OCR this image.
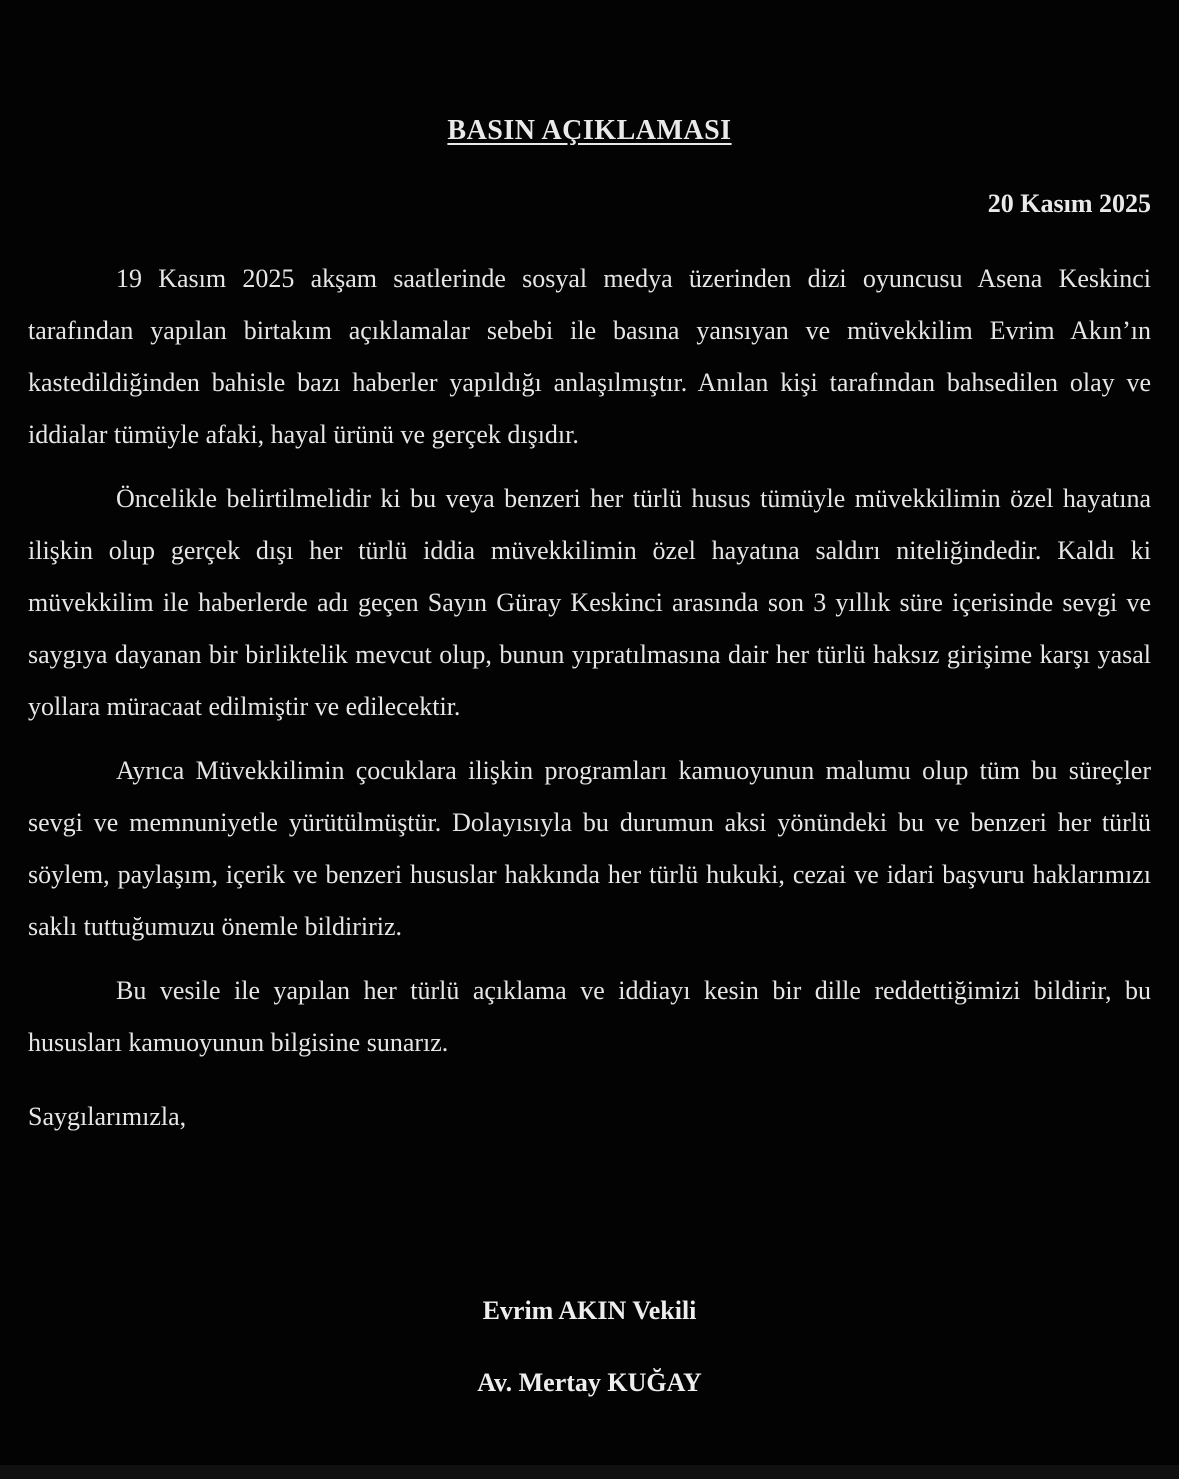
BASIN AÇIKLAMASI

20 Kasım 2025

19 Kasım 2025 akşam saatlerinde sosyal medya üzerinden dizi oyuncusu Asena Keskinci tarafından yapılan birtakım açıklamalar sebebi ile basına yansıyan ve müvekkilim Evrim Akın’ın kastedildiğinden bahisle bazı haberler yapıldığı anlaşılmıştır. Anılan kişi tarafından bahsedilen olay ve iddialar tümüyle afaki, hayal ürünü ve gerçek dışıdır.

Öncelikle belirtilmelidir ki bu veya benzeri her türlü husus tümüyle müvekkilimin özel hayatına ilişkin olup gerçek dışı her türlü iddia müvekkilimin özel hayatına saldırı niteliğindedir. Kaldı ki müvekkilim ile haberlerde adı geçen Sayın Güray Keskinci arasında son 3 yıllık süre içerisinde sevgi ve saygıya dayanan bir birliktelik mevcut olup, bunun yıpratılmasına dair her türlü haksız girişime karşı yasal yollara müracaat edilmiştir ve edilecektir.

Ayrıca Müvekkilimin çocuklara ilişkin programları kamuoyunun malumu olup tüm bu süreçler sevgi ve memnuniyetle yürütülmüştür. Dolayısıyla bu durumun aksi yönündeki bu ve benzeri her türlü söylem, paylaşım, içerik ve benzeri hususlar hakkında her türlü hukuki, cezai ve idari başvuru haklarımızı saklı tuttuğumuzu önemle bildiririz.

Bu vesile ile yapılan her türlü açıklama ve iddiayı kesin bir dille reddettiğimizi bildirir, bu hususları kamuoyunun bilgisine sunarız.

Saygılarımızla,

Evrim AKIN Vekili

Av. Mertay KUĞAY
